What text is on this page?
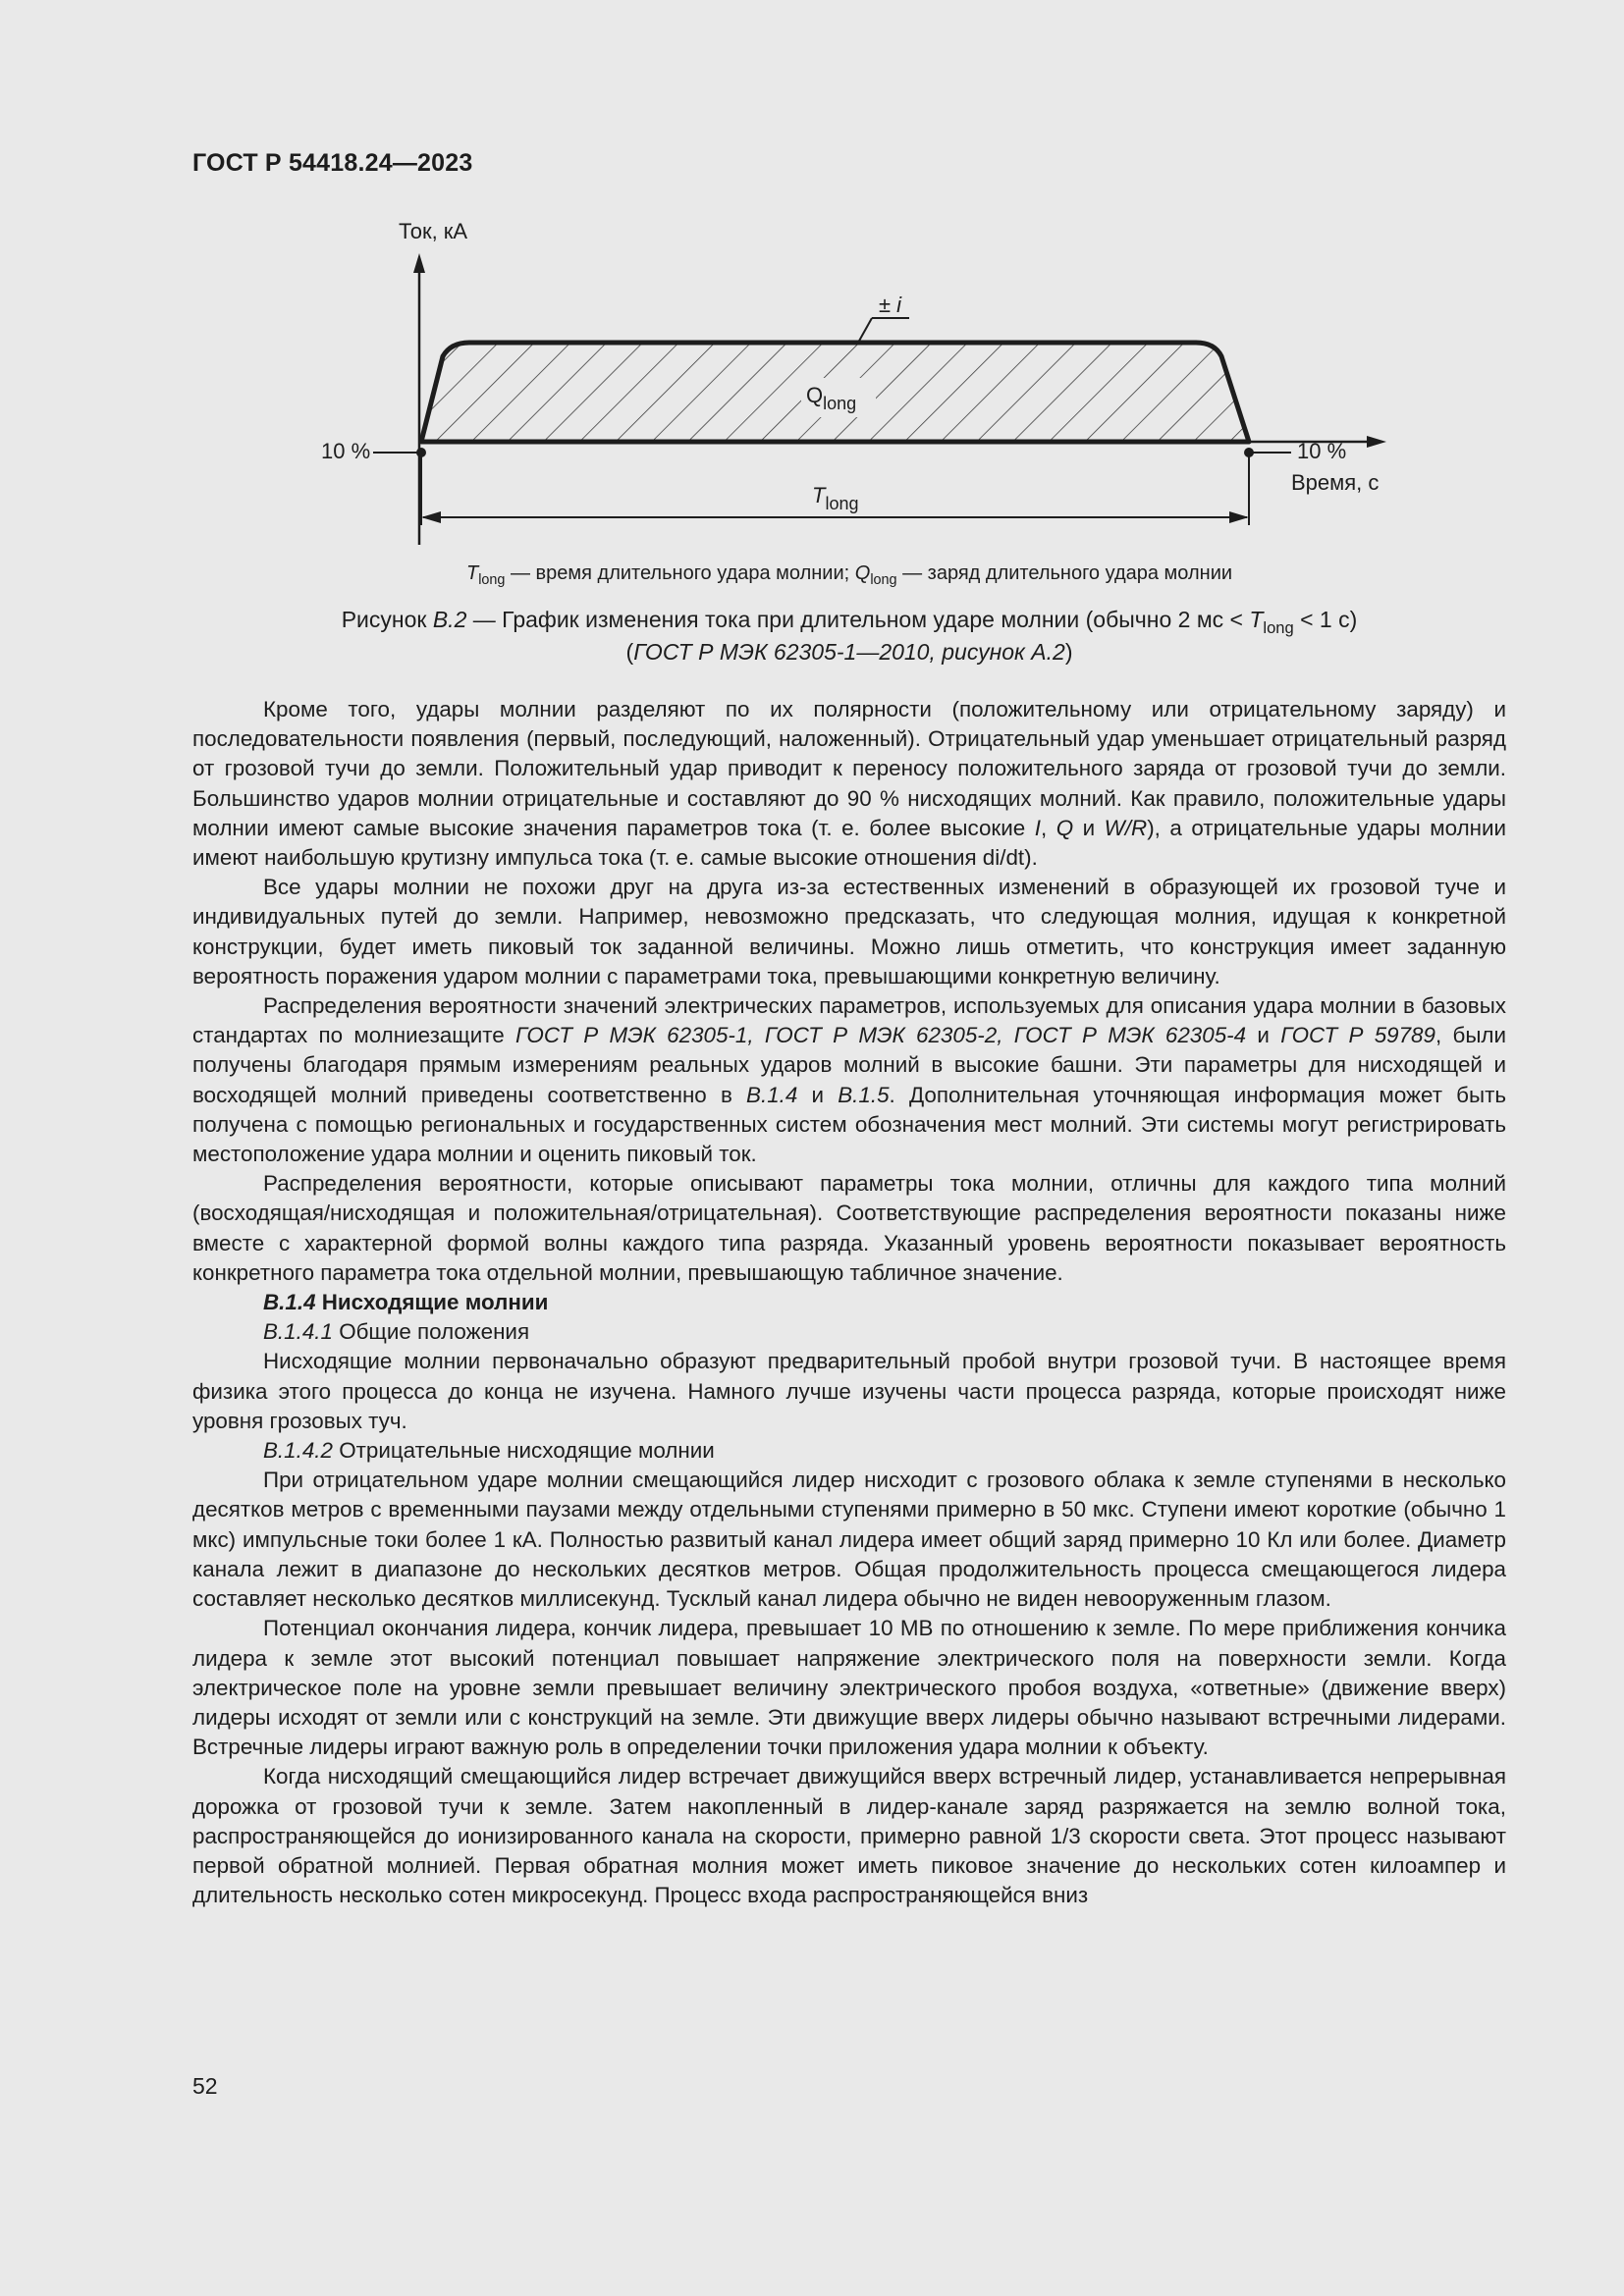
ГОСТ Р 54418.24—2023
Ток, кА
Время, с
10 %	10 %
± i
$Q_{long}$
$T_{long}$
$T_{long}$ — время длительного удара молнии; $Q_{long}$ — заряд длительного удара молнии
Рисунок В.2 — График изменения тока при длительном ударе молнии (обычно 2 мс < $T_{long} < 1$ с)
(ГОСТ Р МЭК 62305-1—2010, рисунок А.2)

Кроме того, удары молнии разделяют по их полярности (положительному или отрицательному заряду) и последовательности появления (первый, последующий, наложенный). Отрицательный удар уменьшает отрицательный разряд от грозовой тучи до земли. Положительный удар приводит к переносу положительного заряда от грозовой тучи до земли. Большинство ударов молнии отрицательные и составляют до 90 % нисходящих молний. Как правило, положительные удары молнии имеют самые высокие значения параметров тока (т. е. более высокие I, Q и W/R), а отрицательные удары молнии имеют наибольшую крутизну импульса тока (т. е. самые высокие отношения di/dt).

Все удары молнии не похожи друг на друга из-за естественных изменений в образующей их грозовой туче и индивидуальных путей до земли. Например, невозможно предсказать, что следующая молния, идущая к конкретной конструкции, будет иметь пиковый ток заданной величины. Можно лишь отметить, что конструкция имеет заданную вероятность поражения ударом молнии с параметрами тока, превышающими конкретную величину.

Распределения вероятности значений электрических параметров, используемых для описания удара молнии в базовых стандартах по молниезащите ГОСТ Р МЭК 62305-1, ГОСТ Р МЭК 62305-2, ГОСТ Р МЭК 62305-4 и ГОСТ Р 59789, были получены благодаря прямым измерениям реальных ударов молний в высокие башни. Эти параметры для нисходящей и восходящей молний приведены соответственно в В.1.4 и В.1.5. Дополнительная уточняющая информация может быть получена с помощью региональных и государственных систем обозначения мест молний. Эти системы могут регистрировать местоположение удара молнии и оценить пиковый ток.

Распределения вероятности, которые описывают параметры тока молнии, отличны для каждого типа молний (восходящая/нисходящая и положительная/отрицательная). Соответствующие распределения вероятности показаны ниже вместе с характерной формой волны каждого типа разряда. Указанный уровень вероятности показывает вероятность конкретного параметра тока отдельной молнии, превышающую табличное значение.

В.1.4 Нисходящие молнии

В.1.4.1 Общие положения

Нисходящие молнии первоначально образуют предварительный пробой внутри грозовой тучи. В настоящее время физика этого процесса до конца не изучена. Намного лучше изучены части процесса разряда, которые происходят ниже уровня грозовых туч.

В.1.4.2 Отрицательные нисходящие молнии

При отрицательном ударе молнии смещающийся лидер нисходит с грозового облака к земле ступенями в несколько десятков метров с временными паузами между отдельными ступенями примерно в 50 мкс. Ступени имеют короткие (обычно 1 мкс) импульсные токи более 1 кА. Полностью развитый канал лидера имеет общий заряд примерно 10 Кл или более. Диаметр канала лежит в диапазоне до нескольких десятков метров. Общая продолжительность процесса смещающегося лидера составляет несколько десятков миллисекунд. Тусклый канал лидера обычно не виден невооруженным глазом.

Потенциал окончания лидера, кончик лидера, превышает 10 МВ по отношению к земле. По мере приближения кончика лидера к земле этот высокий потенциал повышает напряжение электрического поля на поверхности земли. Когда электрическое поле на уровне земли превышает величину электрического пробоя воздуха, «ответные» (движение вверх) лидеры исходят от земли или с конструкций на земле. Эти движущие вверх лидеры обычно называют встречными лидерами. Встречные лидеры играют важную роль в определении точки приложения удара молнии к объекту.

Когда нисходящий смещающийся лидер встречает движущийся вверх встречный лидер, устанавливается непрерывная дорожка от грозовой тучи к земле. Затем накопленный в лидер-канале заряд разряжается на землю волной тока, распространяющейся до ионизированного канала на скорости, примерно равной 1/3 скорости света. Этот процесс называют первой обратной молнией. Первая обратная молния может иметь пиковое значение до нескольких сотен килоампер и длительность несколько сотен микросекунд. Процесс входа распространяющейся вниз

52
